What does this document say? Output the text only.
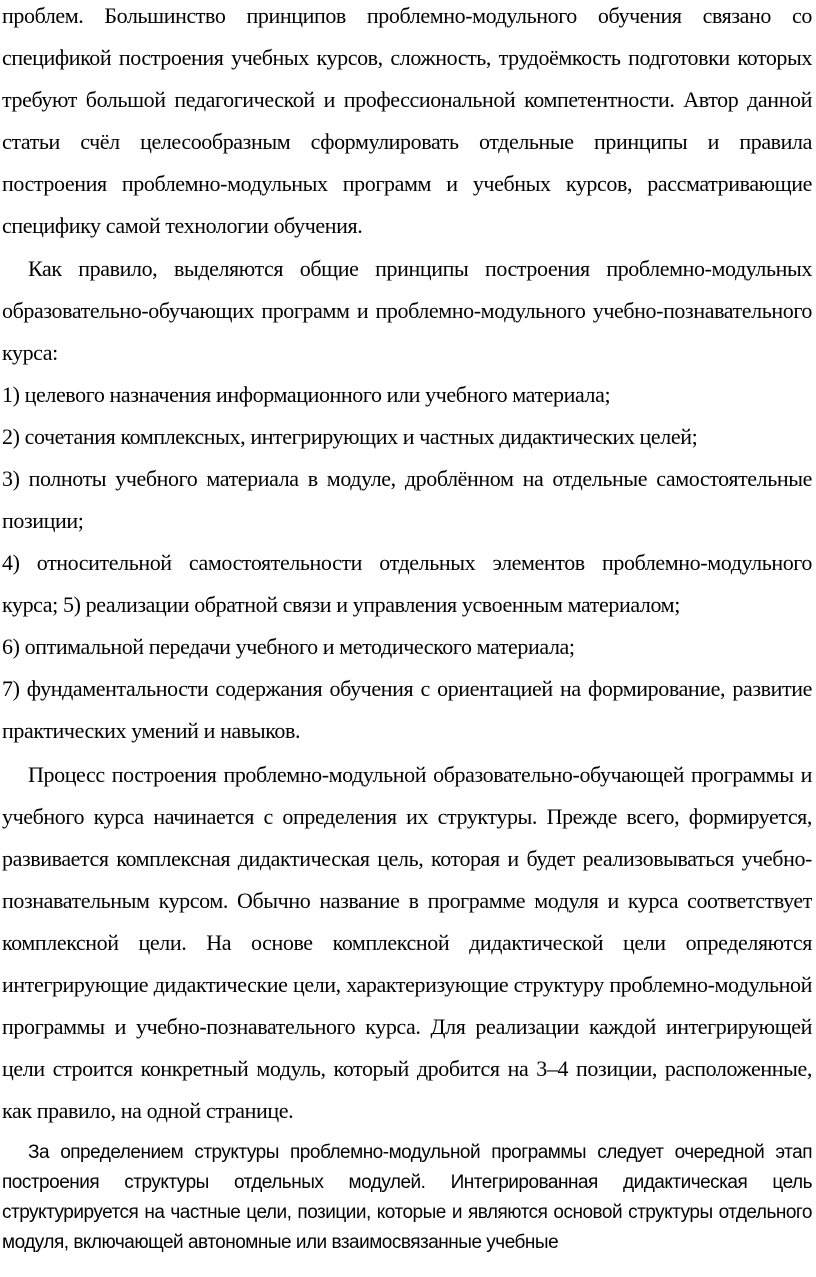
проблем. Большинство принципов проблемно-модульного обучения связано со спецификой построения учебных курсов, сложность, трудоёмкость подготовки которых требуют большой педагогической и профессиональной компетентности. Автор данной статьи счёл целесообразным сформулировать отдельные принципы и правила построения проблемно-модульных программ и учебных курсов, рассматривающие специфику самой технологии обучения.

Как правило, выделяются общие принципы построения проблемно-модульных образовательно-обучающих программ и проблемно-модульного учебно-познавательного курса:

1) целевого назначения информационного или учебного материала;

2) сочетания комплексных, интегрирующих и частных дидактических целей;

3) полноты учебного материала в модуле, дроблённом на отдельные самостоятельные позиции;

4) относительной самостоятельности отдельных элементов проблемно-модульного курса; 5) реализации обратной связи и управления усвоенным материалом;

6) оптимальной передачи учебного и методического материала;

7) фундаментальности содержания обучения с ориентацией на формирование, развитие практических умений и навыков.

Процесс построения проблемно-модульной образовательно-обучающей программы и учебного курса начинается с определения их структуры. Прежде всего, формируется, развивается комплексная дидактическая цель, которая и будет реализовываться учебно-познавательным курсом. Обычно название в программе модуля и курса соответствует комплексной цели. На основе комплексной дидактической цели определяются интегрирующие дидактические цели, характеризующие структуру проблемно-модульной программы и учебно-познавательного курса. Для реализации каждой интегрирующей цели строится конкретный модуль, который дробится на 3–4 позиции, расположенные, как правило, на одной странице.

За определением структуры проблемно-модульной программы следует очередной этап построения структуры отдельных модулей. Интегрированная дидактическая цель структурируется на частные цели, позиции, которые и являются основой структуры отдельного модуля, включающей автономные или взаимосвязанные учебные
